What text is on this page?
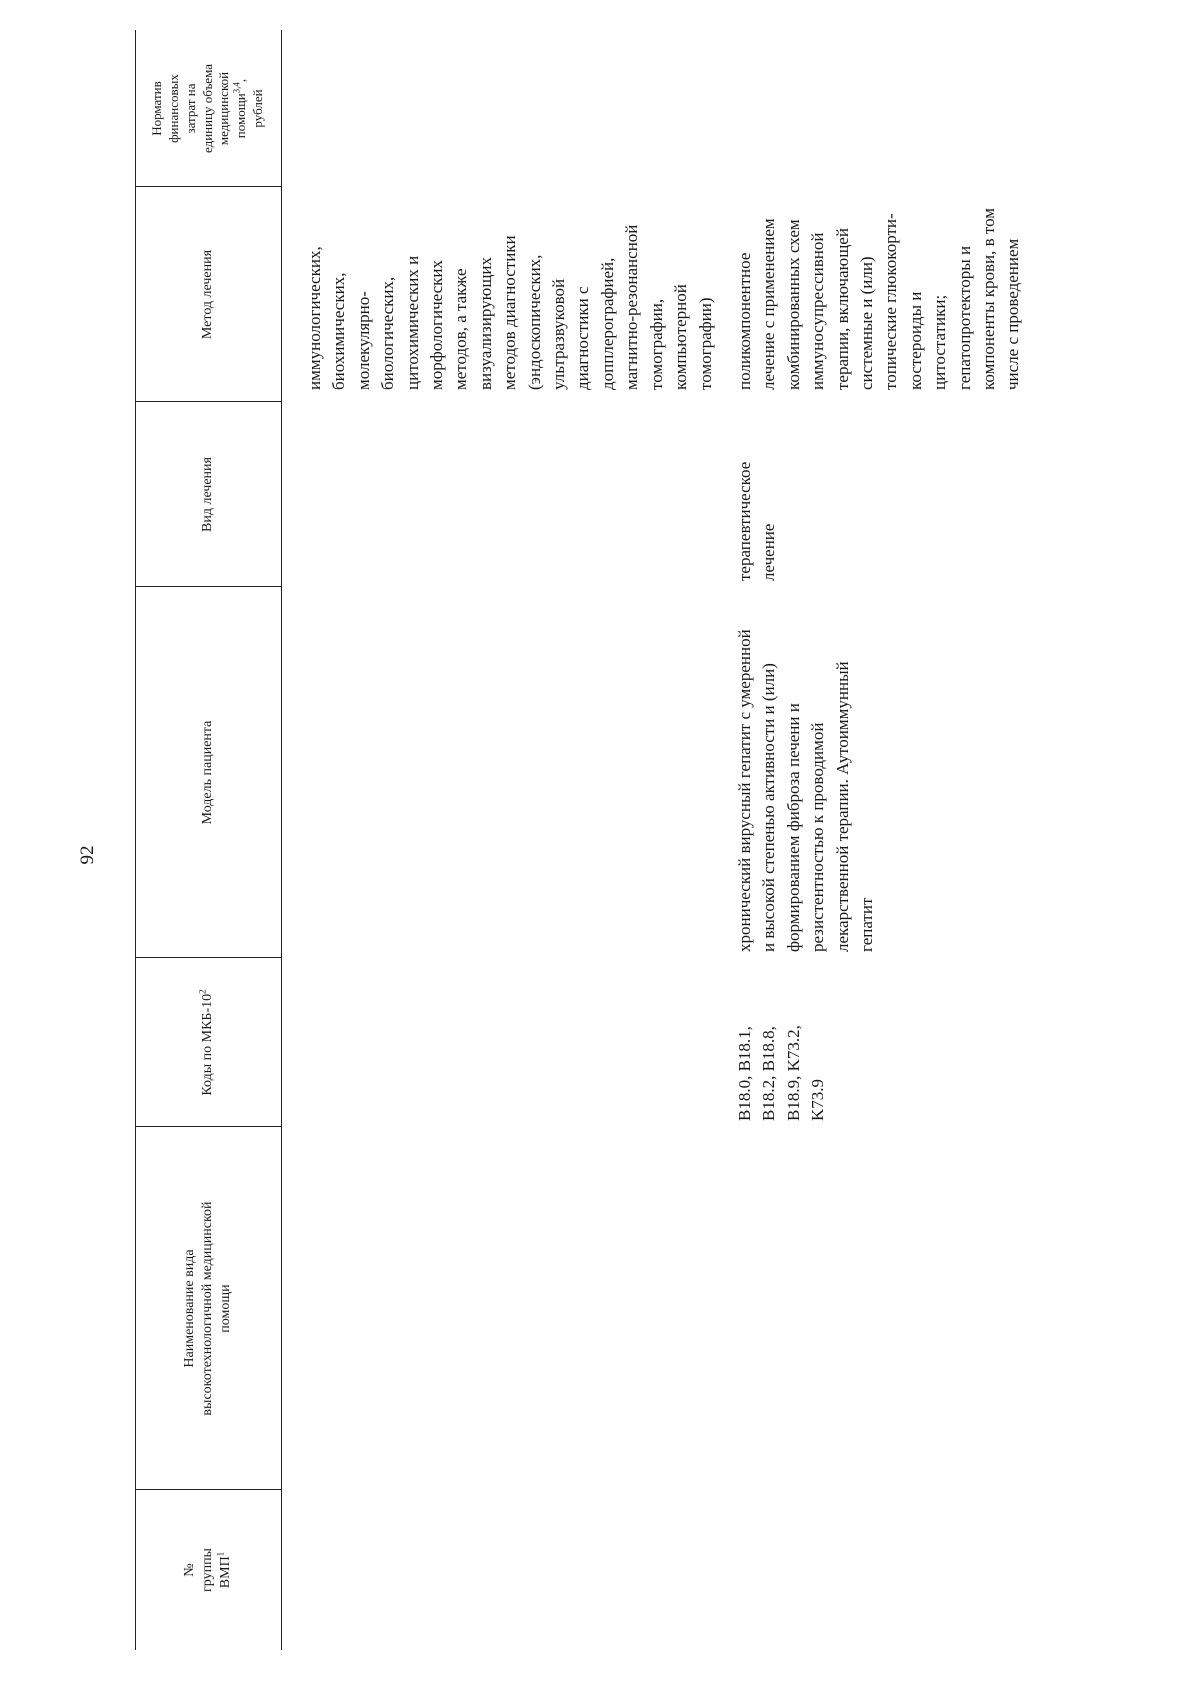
92
№ группы ВМП$^1$
Наименование вида высокотехнологичной медицинской помощи
Коды по МКБ-$10^2$
Модель пациента
Вид лечения
Метод лечения
Норматив финансовых затрат на единицу объема медицинской помощи$^{3,4}$,
рублей
иммунологических, биохимических, молекулярно- биологических, цитохимических и морфологических методов, а также визуализирующих методов диагностики (эндоскопических, ультразвуковой диагностики с допплерографией, магнитно-резонансной томографии, компьютерной томографии)
B18.0, B18.1, B18.2, B18.8, B18.9, K73.2, K73.9
хронический вирусный гепатит с умеренной и высокой степенью активности и (или) формированием фиброза печени и резистентностью к проводимой лекарственной терапии. Аутоиммунный гепатит
терапевтическое лечение
поликомпонентное лечение с применением комбинированных схем иммуносупрессивной терапии, включающей системные и (или) топические глюкокорти- костероиды и цитостатики; гепатопротекторы и компоненты крови, в том числе с проведением
